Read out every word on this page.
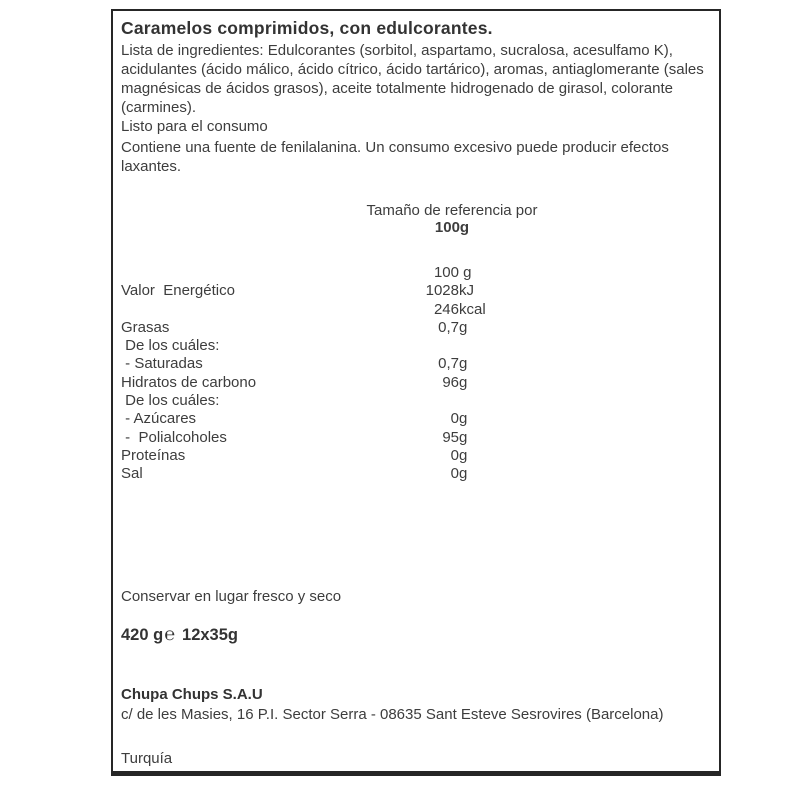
Caramelos comprimidos, con edulcorantes.
Lista de ingredientes: Edulcorantes (sorbitol, aspartamo, sucralosa, acesulfamo K), acidulantes (ácido málico, ácido cítrico, ácido tartárico), aromas, antiaglomerante (sales magnésicas de ácidos grasos), aceite totalmente hidrogenado de girasol, colorante (carmines).
Listo para el consumo
Contiene una fuente de fenilalanina. Un consumo excesivo puede producir efectos laxantes.
Tamaño de referencia por
100g
100 g
Valor  Energético	1028 kJ
246 kcal
Grasas	0,7 g
De los cuáles:
- Saturadas	0,7 g
Hidratos de carbono	96 g
De los cuáles:
- Azúcares	0 g
-  Polialcoholes	95 g
Proteínas	0 g
Sal	0 g
Conservar en lugar fresco y seco
420 g℮ 12x35g
Chupa Chups S.A.U
c/ de les Masies, 16 P.I. Sector Serra - 08635 Sant Esteve Sesrovires (Barcelona)
Turquía
